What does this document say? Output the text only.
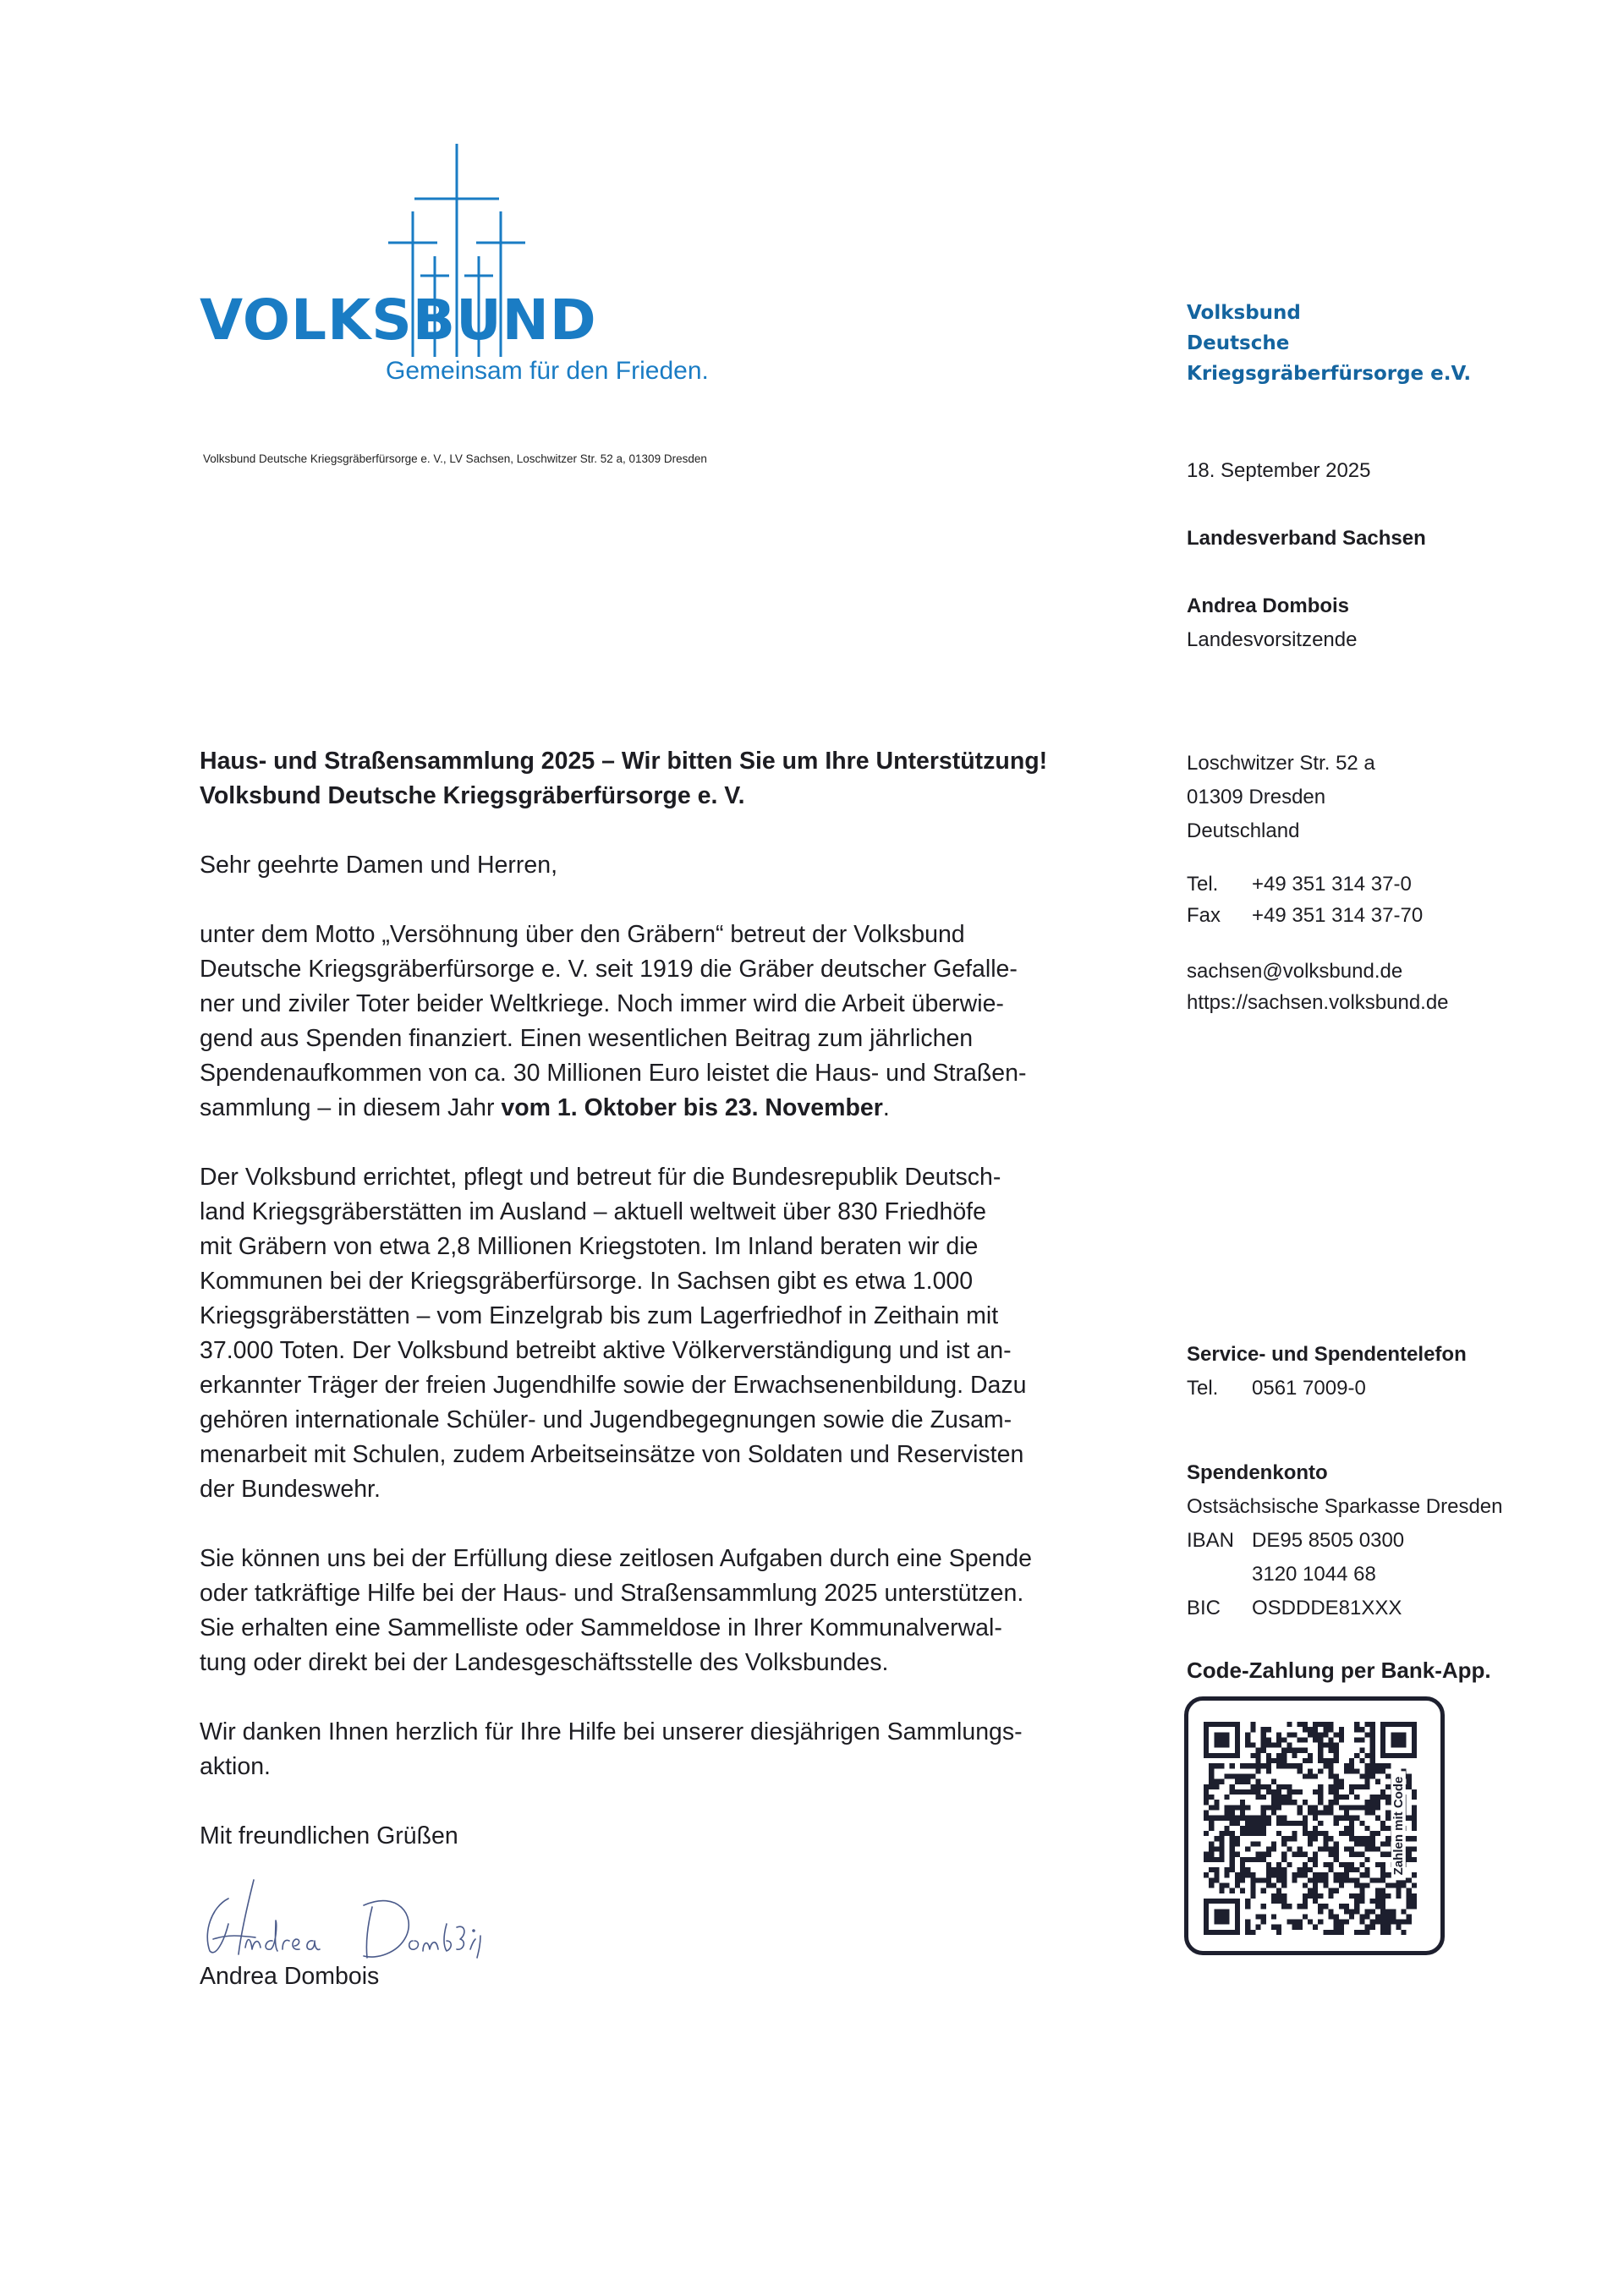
VOLKSBUND
Gemeinsam für den Frieden.
Volksbund
Deutsche
Kriegsgräberfürsorge e.V.
Volksbund Deutsche Kriegsgräberfürsorge e. V., LV Sachsen, Loschwitzer Str. 52 a, 01309 Dresden
18. September 2025
Landesverband Sachsen
Andrea Dombois
Landesvorsitzende
Loschwitzer Str. 52 a
01309 Dresden
Deutschland
Tel.	+49 351 314 37-0
Fax	+49 351 314 37-70
sachsen@volksbund.de
https://sachsen.volksbund.de
Service- und Spendentelefon
Tel.	0561 7009-0
Spendenkonto
Ostsächsische Sparkasse Dresden
IBAN DE95 8505 0300
3120 1044 68
BIC	OSDDDE81XXX
Code-Zahlung per Bank-App.
Zahlen mit Code

Haus- und Straßensammlung 2025 – Wir bitten Sie um Ihre Unterstützung!
Volksbund Deutsche Kriegsgräberfürsorge e. V.

Sehr geehrte Damen und Herren,

unter dem Motto „Versöhnung über den Gräbern“ betreut der Volksbund
Deutsche Kriegsgräberfürsorge e. V. seit 1919 die Gräber deutscher Gefalle-
ner und ziviler Toter beider Weltkriege. Noch immer wird die Arbeit überwie-
gend aus Spenden finanziert. Einen wesentlichen Beitrag zum jährlichen
Spendenaufkommen von ca. 30 Millionen Euro leistet die Haus- und Straßen-
sammlung – in diesem Jahr vom 1. Oktober bis 23. November.

Der Volksbund errichtet, pflegt und betreut für die Bundesrepublik Deutsch-
land Kriegsgräberstätten im Ausland – aktuell weltweit über 830 Friedhöfe
mit Gräbern von etwa 2,8 Millionen Kriegstoten. Im Inland beraten wir die
Kommunen bei der Kriegsgräberfürsorge. In Sachsen gibt es etwa 1.000
Kriegsgräberstätten – vom Einzelgrab bis zum Lagerfriedhof in Zeithain mit
37.000 Toten. Der Volksbund betreibt aktive Völkerverständigung und ist an-
erkannter Träger der freien Jugendhilfe sowie der Erwachsenenbildung. Dazu
gehören internationale Schüler- und Jugendbegegnungen sowie die Zusam-
menarbeit mit Schulen, zudem Arbeitseinsätze von Soldaten und Reservisten
der Bundeswehr.

Sie können uns bei der Erfüllung diese zeitlosen Aufgaben durch eine Spende
oder tatkräftige Hilfe bei der Haus- und Straßensammlung 2025 unterstützen.
Sie erhalten eine Sammelliste oder Sammeldose in Ihrer Kommunalverwal-
tung oder direkt bei der Landesgeschäftsstelle des Volksbundes.

Wir danken Ihnen herzlich für Ihre Hilfe bei unserer diesjährigen Sammlungs-
aktion.

Mit freundlichen Grüßen

Andrea Dombois
